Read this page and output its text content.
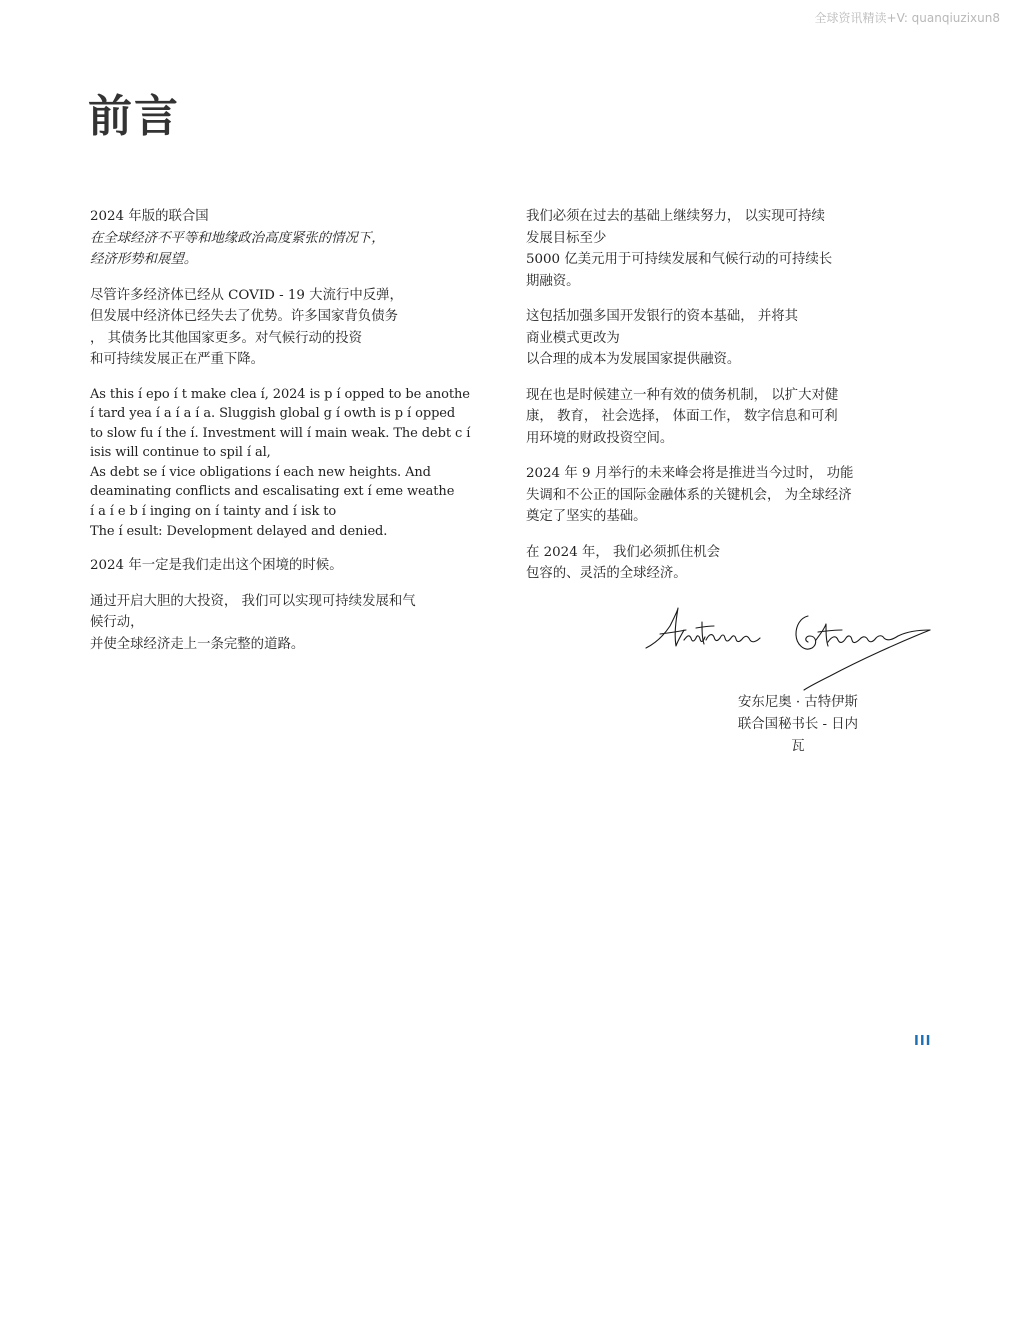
全球资讯精读+V: quanqiuzixun8
前言

2024 年版的联合国
在全球经济不平等和地缘政治高度紧张的情况下，
经济形势和展望。

尽管许多经济体已经从 COVID - 19 大流行中反弹，
但发展中经济体已经失去了优势。许多国家背负债务
， 其债务比其他国家更多。对气候行动的投资
和可持续发展正在严重下降。

As this í epo í t make clea í, 2024 is p í opped to be anothe
í tard yea í a í a í a. Sluggish global g í owth is p í opped
to slow fu í the í. Investment will í main weak. The debt c í
isis will continue to spil í al,
As debt se í vice obligations í each new heights. And
deaminating conflicts and escalisating ext í eme weathe
í a í e b í inging on í tainty and í isk to
The í esult: Development delayed and denied.

2024 年一定是我们走出这个困境的时候。

通过开启大胆的大投资， 我们可以实现可持续发展和气
候行动，
并使全球经济走上一条完整的道路。

我们必须在过去的基础上继续努力， 以实现可持续
发展目标至少
5000 亿美元用于可持续发展和气候行动的可持续长
期融资。

这包括加强多国开发银行的资本基础， 并将其
商业模式更改为
以合理的成本为发展国家提供融资。

现在也是时候建立一种有效的债务机制， 以扩大对健
康， 教育， 社会选择， 体面工作， 数字信息和可利
用环境的财政投资空间。

2024 年 9 月举行的未来峰会将是推进当今过时， 功能
失调和不公正的国际金融体系的关键机会， 为全球经济
奠定了坚实的基础。

在 2024 年， 我们必须抓住机会
包容的、灵活的全球经济。

安东尼奥 · 古特伊斯
联合国秘书长 - 日内
瓦
III
